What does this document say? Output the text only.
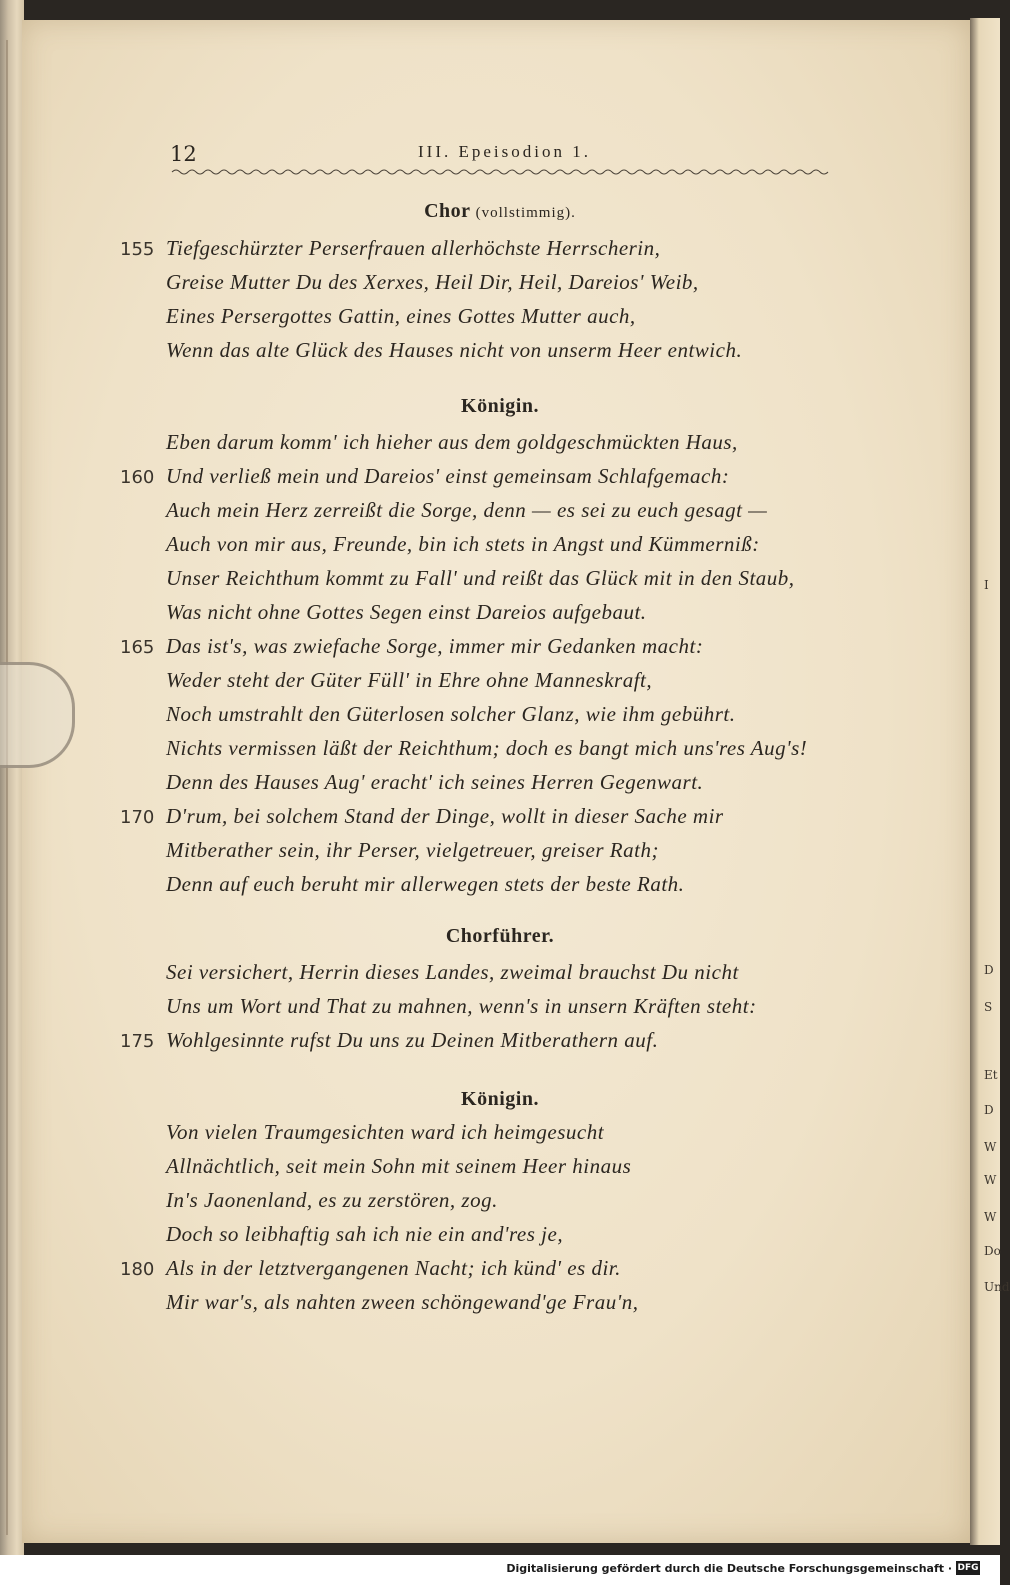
I
D
S
Et
D
W
W
W
Do
Und
12	III. Epeisodion 1.
Chor (vollstimmig).
Königin.
Chorführer.
Königin.
155 Tiefgeschürzter Perserfrauen allerhöchste Herrscherin,
Greise Mutter Du des Xerxes, Heil Dir, Heil, Dareios' Weib,
Eines Persergottes Gattin, eines Gottes Mutter auch,
Wenn das alte Glück des Hauses nicht von unserm Heer entwich.
Eben darum komm' ich hieher aus dem goldgeschmückten Haus,
160 Und verließ mein und Dareios' einst gemeinsam Schlafgemach:
Auch mein Herz zerreißt die Sorge, denn — es sei zu euch gesagt —
Auch von mir aus, Freunde, bin ich stets in Angst und Kümmerniß:
Unser Reichthum kommt zu Fall' und reißt das Glück mit in den Staub,
Was nicht ohne Gottes Segen einst Dareios aufgebaut.
165 Das ist's, was zwiefache Sorge, immer mir Gedanken macht:
Weder steht der Güter Füll' in Ehre ohne Manneskraft,
Noch umstrahlt den Güterlosen solcher Glanz, wie ihm gebührt.
Nichts vermissen läßt der Reichthum; doch es bangt mich uns'res Aug's!
Denn des Hauses Aug' eracht' ich seines Herren Gegenwart.
170 D'rum, bei solchem Stand der Dinge, wollt in dieser Sache mir
Mitberather sein, ihr Perser, vielgetreuer, greiser Rath;
Denn auf euch beruht mir allerwegen stets der beste Rath.
Sei versichert, Herrin dieses Landes, zweimal brauchst Du nicht
Uns um Wort und That zu mahnen, wenn's in unsern Kräften steht:
175 Wohlgesinnte rufst Du uns zu Deinen Mitberathern auf.
Von vielen Traumgesichten ward ich heimgesucht
Allnächtlich, seit mein Sohn mit seinem Heer hinaus
In's Jaonenland, es zu zerstören, zog.
Doch so leibhaftig sah ich nie ein and'res je,
180 Als in der letztvergangenen Nacht; ich künd' es dir.
Mir war's, als nahten zween schöngewand'ge Frau'n,
Digitalisierung gefördert durch die Deutsche Forschungsgemeinschaft · DFG
